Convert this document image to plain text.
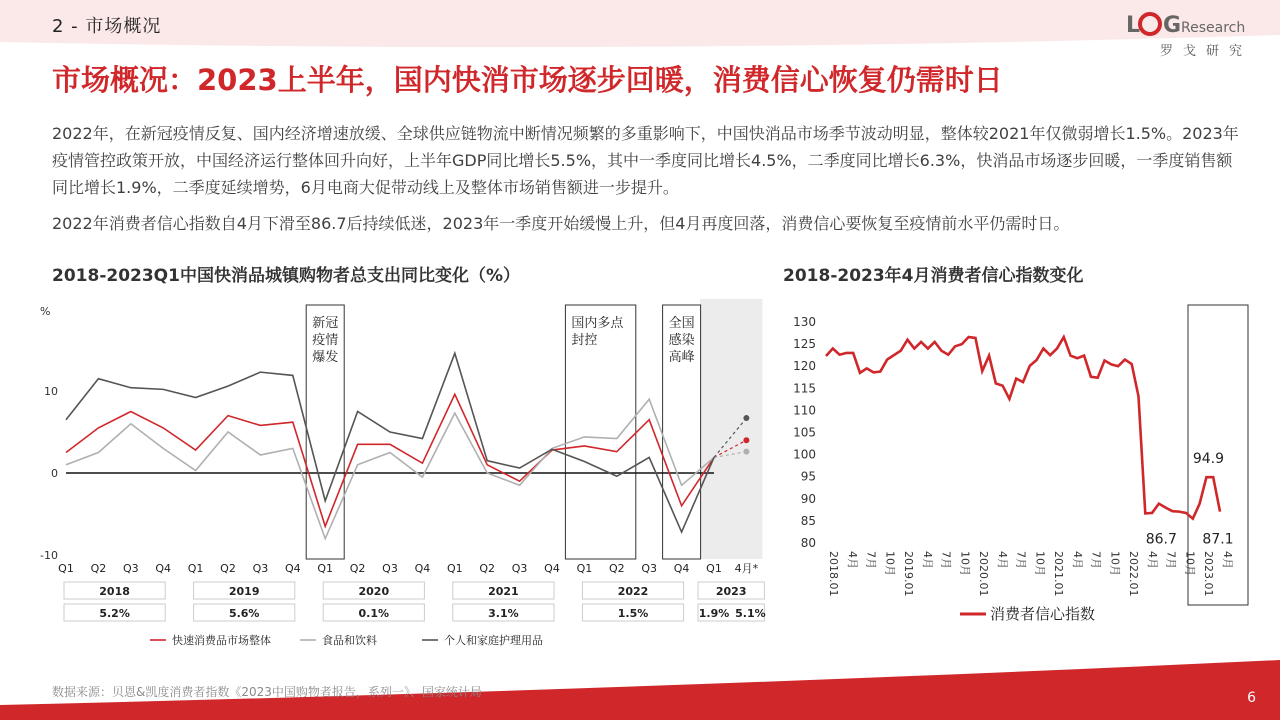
2 - 市场概况	L G Research
罗戈研究
市场概况：2023上半年，国内快消市场逐步回暖，消费信心恢复仍需时日
2022年，在新冠疫情反复、国内经济增速放缓、全球供应链物流中断情况频繁的多重影响下，中国快消品市场季节波动明显，整体较2021年仅微弱增长1.5%。2023年疫情管控政策开放，中国经济运行整体回升向好，上半年GDP同比增长5.5%，其中一季度同比增长4.5%，二季度同比增长6.3%，快消品市场逐步回暖，一季度销售额同比增长1.9%，二季度延续增势，6月电商大促带动线上及整体市场销售额进一步提升。
2022年消费者信心指数自4月下滑至86.7后持续低迷，2023年一季度开始缓慢上升，但4月再度回落，消费信心要恢复至疫情前水平仍需时日。
2018-2023Q1中国快消品城镇购物者总支出同比变化（%）	2018-2023年4月消费者信心指数变化
新冠
疫情
爆发
国内多点
封控
全国
感染
高峰
%
10
0
-10
Q1 Q2 Q3 Q4 Q1 Q2 Q3 Q4 Q1 Q2 Q3 Q4 Q1 Q2 Q3 Q4 Q1 Q2 Q3 Q4 Q1 4月*
2018
5.2%
2019
5.6%
2020
0.1%
2021
3.1%
2022
1.5%
2023
1.9% 5.1%
快速消费品市场整体	食品和饮料	个人和家庭护理用品
130
125
120
115
110
105
100
95
90
85
80	86.7
94.9
87.1
2018.01 4月 7月 10月 2019.01 4月 7月 10月 2020.01 4月 7月 10月 2021.01 4月 7月 10月 2022.01 4月 7月 10月 2023.01 4月
消费者信心指数
数据来源：贝恩&凯度消费者指数《2023中国购物者报告，系列一》、国家统计局	6
